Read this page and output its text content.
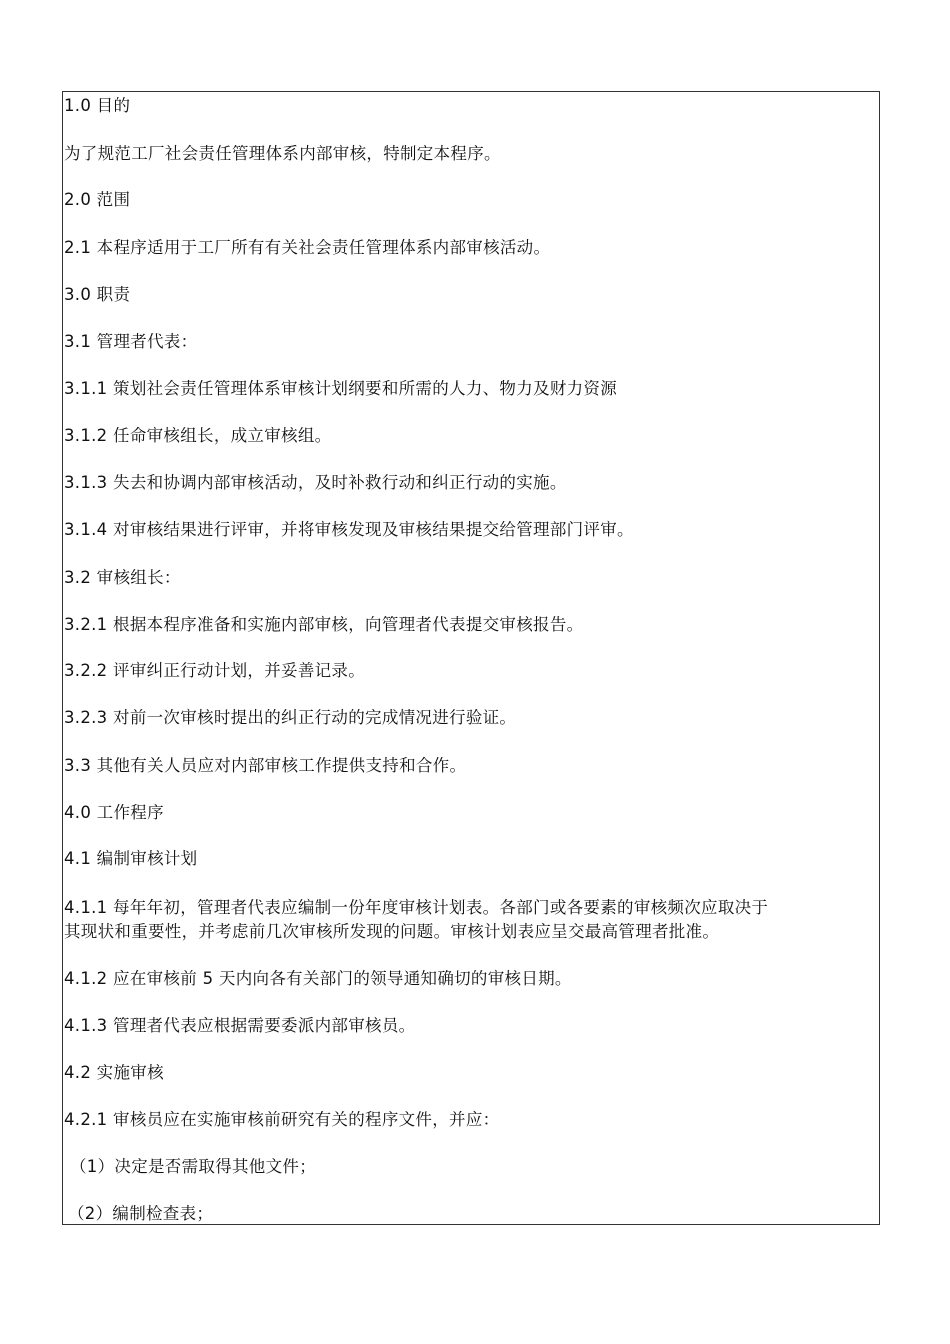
1.0 目的
为了规范工厂社会责任管理体系内部审核，特制定本程序。
2.0 范围
2.1 本程序适用于工厂所有有关社会责任管理体系内部审核活动。
3.0 职责
3.1 管理者代表：
3.1.1 策划社会责任管理体系审核计划纲要和所需的人力、物力及财力资源
3.1.2 任命审核组长，成立审核组。
3.1.3 失去和协调内部审核活动，及时补救行动和纠正行动的实施。
3.1.4 对审核结果进行评审，并将审核发现及审核结果提交给管理部门评审。
3.2 审核组长：
3.2.1 根据本程序准备和实施内部审核，向管理者代表提交审核报告。
3.2.2 评审纠正行动计划，并妥善记录。
3.2.3 对前一次审核时提出的纠正行动的完成情况进行验证。
3.3 其他有关人员应对内部审核工作提供支持和合作。
4.0 工作程序
4.1 编制审核计划
4.1.1 每年年初，管理者代表应编制一份年度审核计划表。各部门或各要素的审核频次应取决于
其现状和重要性，并考虑前几次审核所发现的问题。审核计划表应呈交最高管理者批准。
4.1.2 应在审核前 5 天内向各有关部门的领导通知确切的审核日期。
4.1.3 管理者代表应根据需要委派内部审核员。
4.2 实施审核
4.2.1 审核员应在实施审核前研究有关的程序文件，并应：
（1）决定是否需取得其他文件；
（2）编制检查表；
